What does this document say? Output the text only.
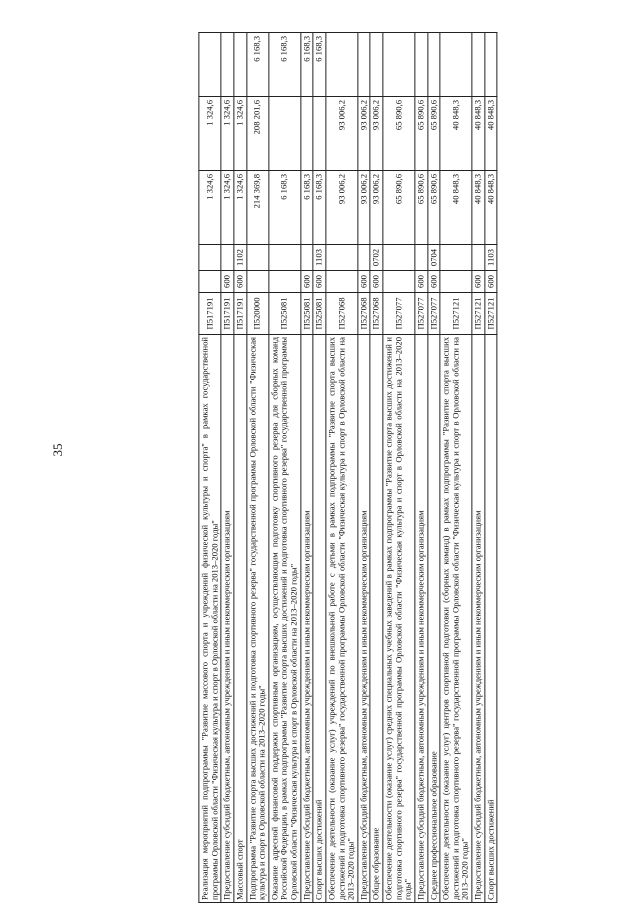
35	Реализация мероприятий подпрограммы "Развитие массового спорта и учреждений физической культуры и спорта" в рамках государственной программы Орловской области "Физическая культура и спорт в Орловской области на 2013–2020 годы"	П517191			1 324,6	1 324,6	
Предоставление субсидий бюджетным, автономным учреждениям и иным некоммерческим организациям	П517191	600		1 324,6	1 324,6	
Массовый спорт	П517191	600	1102	1 324,6	1 324,6	
Подпрограмма "Развитие спорта высших достижений и подготовка спортивного резерва" государственной программы Орловской области "Физическая культура и спорт в Орловской области на 2013–2020 годы"	П520000			214 369,8	208 201,6	6 168,3
Оказание адресной финансовой поддержки спортивным организациям, осуществляющим подготовку спортивного резерва для сборных команд Российской Федерации, в рамках подпрограммы "Развитие спорта высших достижений и подготовка спортивного резерва" государственной программы Орловской области "Физическая культура и спорт в Орловской области на 2013–2020 годы"	П525081			6 168,3		6 168,3
Предоставление субсидий бюджетным, автономным учреждениям и иным некоммерческим организациям	П525081	600		6 168,3		6 168,3
Спорт высших достижений	П525081	600	1103	6 168,3		6 168,3
Обеспечение деятельности (оказание услуг) учреждений по внешкольной работе с детьми в рамках подпрограммы "Развитие спорта высших достижений и подготовка спортивного резерва" государственной программы Орловской области "Физическая культура и спорт в Орловской области на 2013–2020 годы"	П527068			93 006,2	93 006,2	
Предоставление субсидий бюджетным, автономным учреждениям и иным некоммерческим организациям	П527068	600		93 006,2	93 006,2	
Общее образование	П527068	600	0702	93 006,2	93 006,2	
Обеспечение деятельности (оказание услуг) средних специальных учебных заведений в рамках подпрограммы "Развитие спорта высших достижений и подготовка спортивного резерва" государственной программы Орловской области "Физическая культура и спорт в Орловской области на 2013–2020 годы"	П527077			65 890,6	65 890,6	
Предоставление субсидий бюджетным, автономным учреждениям и иным некоммерческим организациям	П527077	600		65 890,6	65 890,6	
Среднее профессиональное образование	П527077	600	0704	65 890,6	65 890,6	
Обеспечение деятельности (оказание услуг) центров спортивной подготовки (сборных команд) в рамках подпрограммы "Развитие спорта высших достижений и подготовка спортивного резерва" государственной программы Орловской области "Физическая культура и спорт в Орловской области на 2013–2020 годы"	П527121			40 848,3	40 848,3	
Предоставление субсидий бюджетным, автономным учреждениям и иным некоммерческим организациям	П527121	600		40 848,3	40 848,3	
Спорт высших достижений	П527121	600	1103	40 848,3	40 848,3	
